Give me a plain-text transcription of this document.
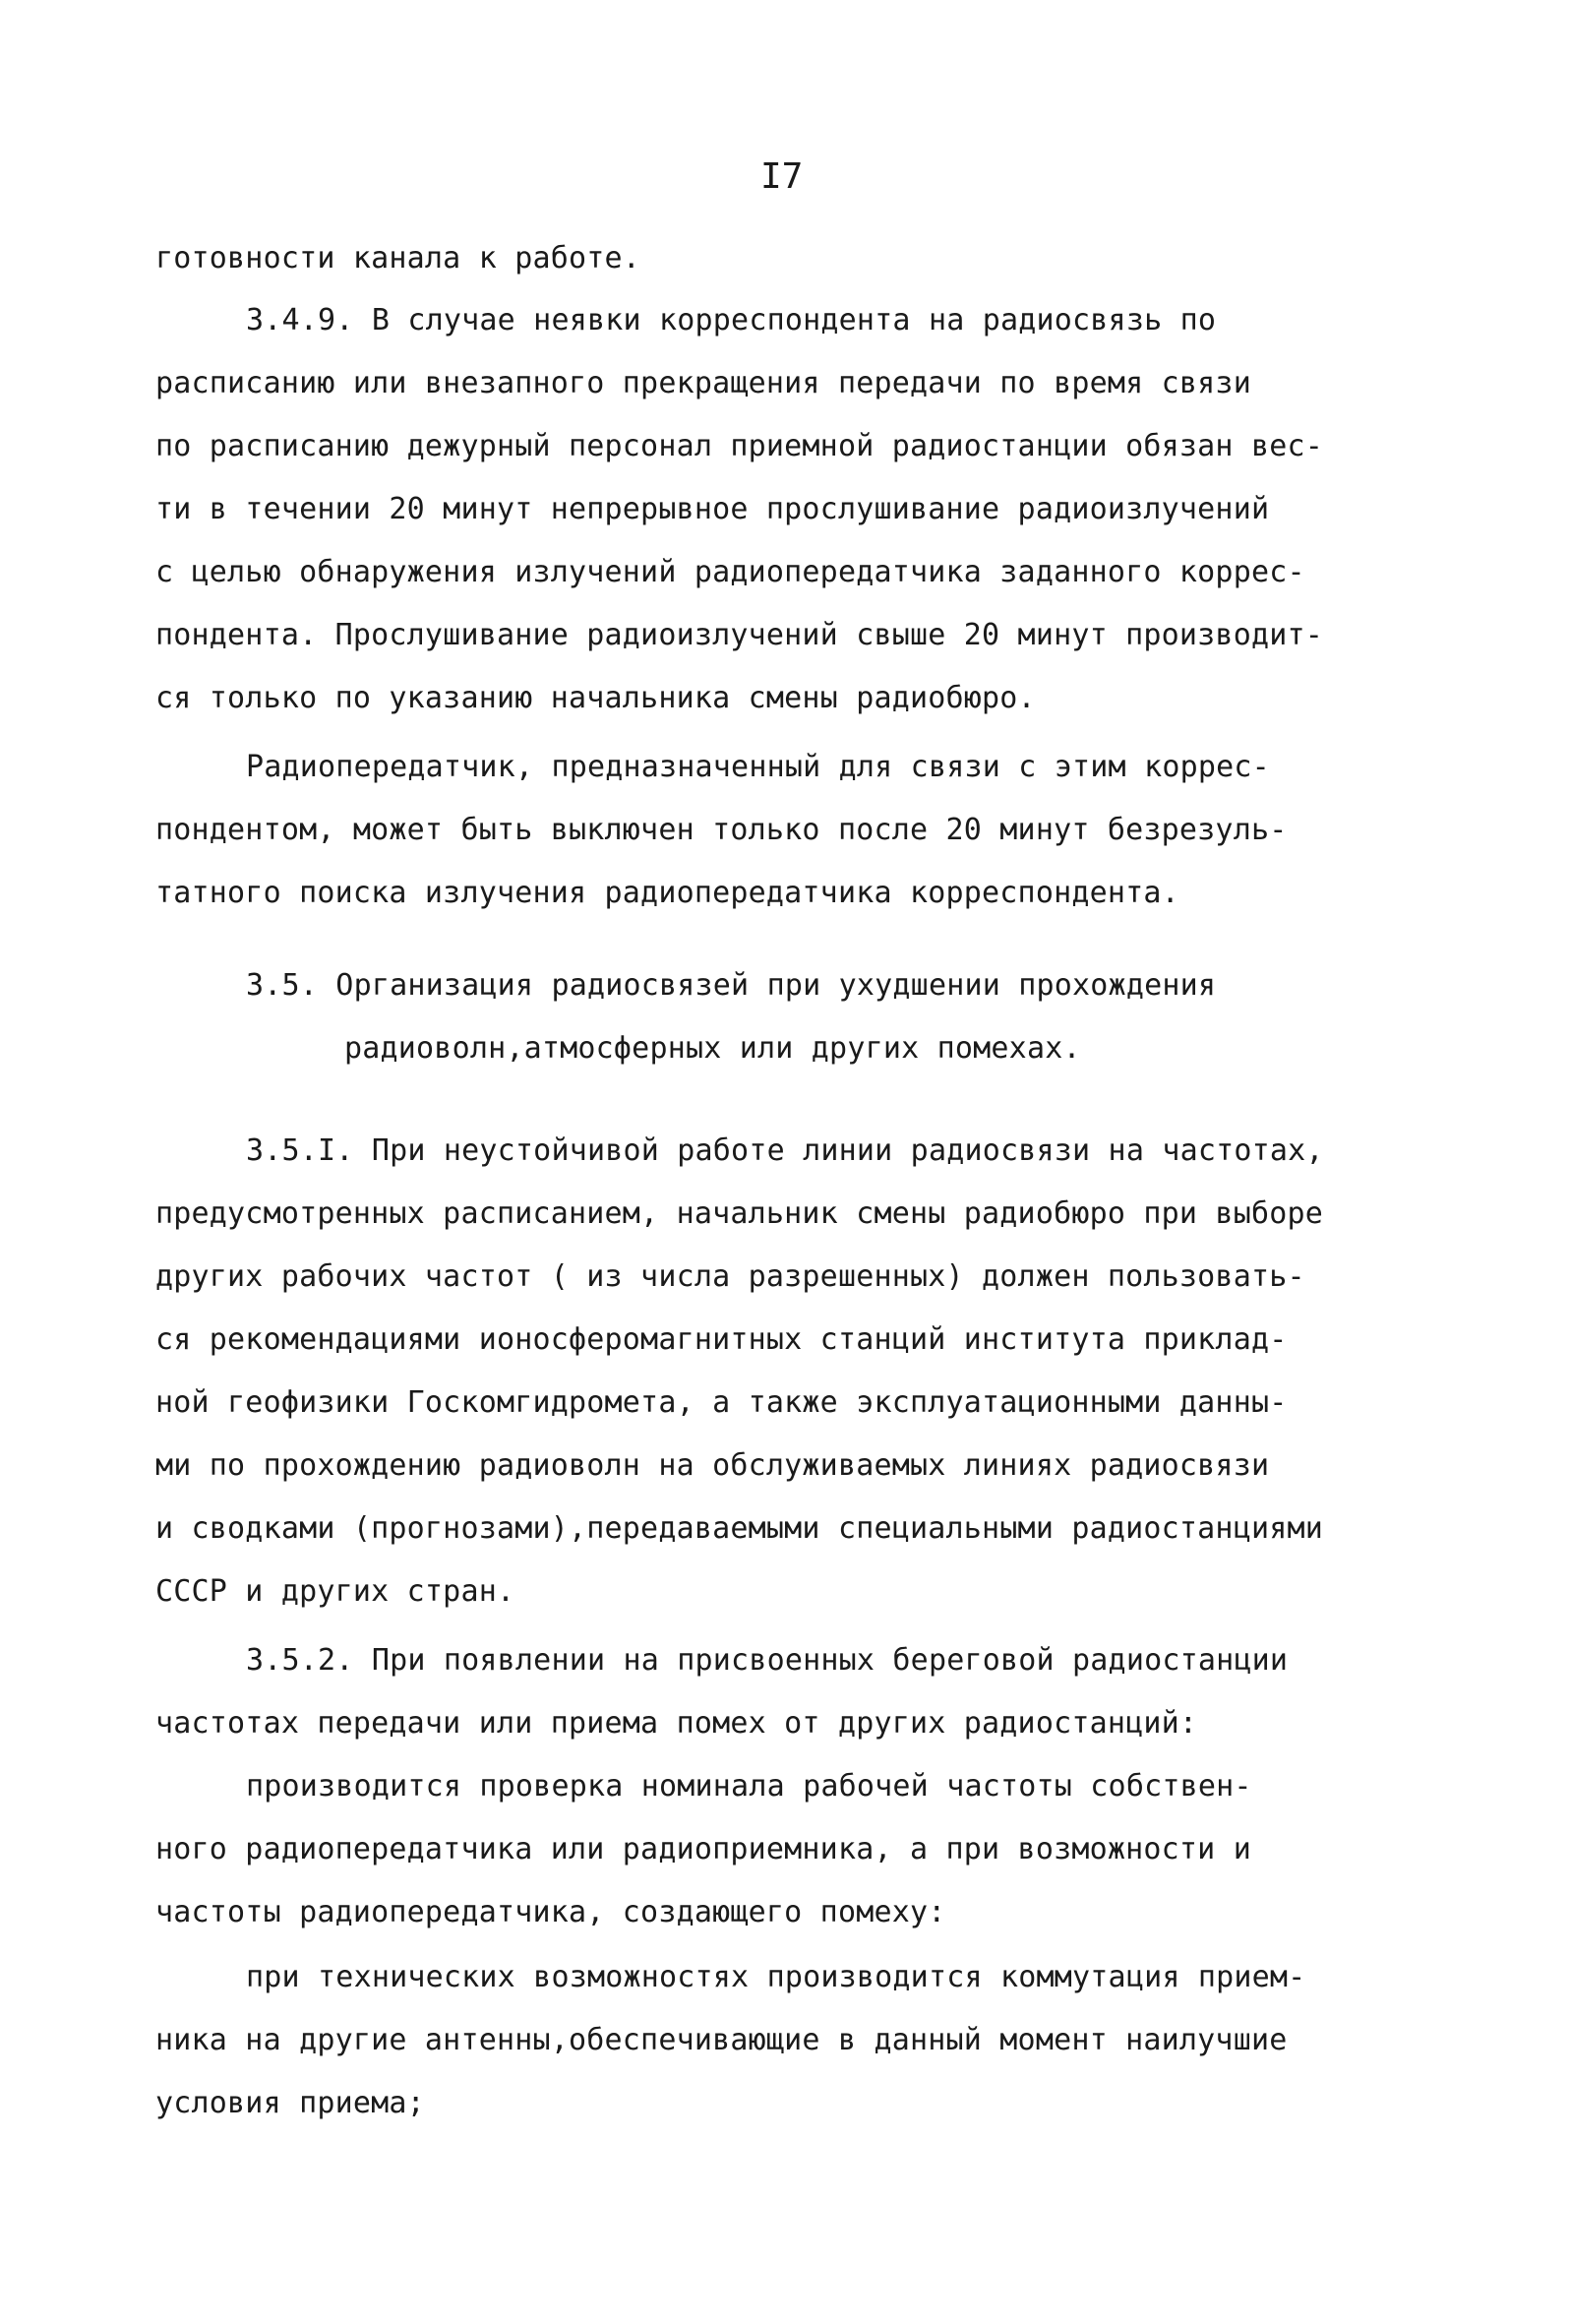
I7
готовности канала к работе.
3.4.9. В случае неявки корреспондента на радиосвязь по
расписанию или внезапного прекращения передачи по время связи
по расписанию дежурный персонал приемной радиостанции обязан вес-
ти в течении 20 минут непрерывное прослушивание радиоизлучений
с целью обнаружения излучений радиопередатчика заданного коррес-
пондента. Прослушивание радиоизлучений свыше 20 минут производит-
ся только по указанию начальника смены радиобюро.
Радиопередатчик, предназначенный для связи с этим коррес-
пондентом, может быть выключен только после 20 минут безрезуль-
татного поиска излучения радиопередатчика корреспондента.
3.5. Организация радиосвязей при ухудшении прохождения
радиоволн,атмосферных или других помехах.
3.5.I. При неустойчивой работе линии радиосвязи на частотах,
предусмотренных расписанием, начальник смены радиобюро при выборе
других рабочих частот ( из числа разрешенных) должен пользовать-
ся рекомендациями ионосферомагнитных станций института приклад-
ной геофизики Госкомгидромета, а также эксплуатационными данны-
ми по прохождению радиоволн на обслуживаемых линиях радиосвязи
и сводками (прогнозами),передаваемыми специальными радиостанциями
СССР и других стран.
3.5.2. При появлении на присвоенных береговой радиостанции
частотах передачи или приема помех от других радиостанций:
производится проверка номинала рабочей частоты собствен-
ного радиопередатчика или радиоприемника, а при возможности и
частоты радиопередатчика, создающего помеху:
при технических возможностях производится коммутация прием-
ника на другие антенны,обеспечивающие в данный момент наилучшие
условия приема;
